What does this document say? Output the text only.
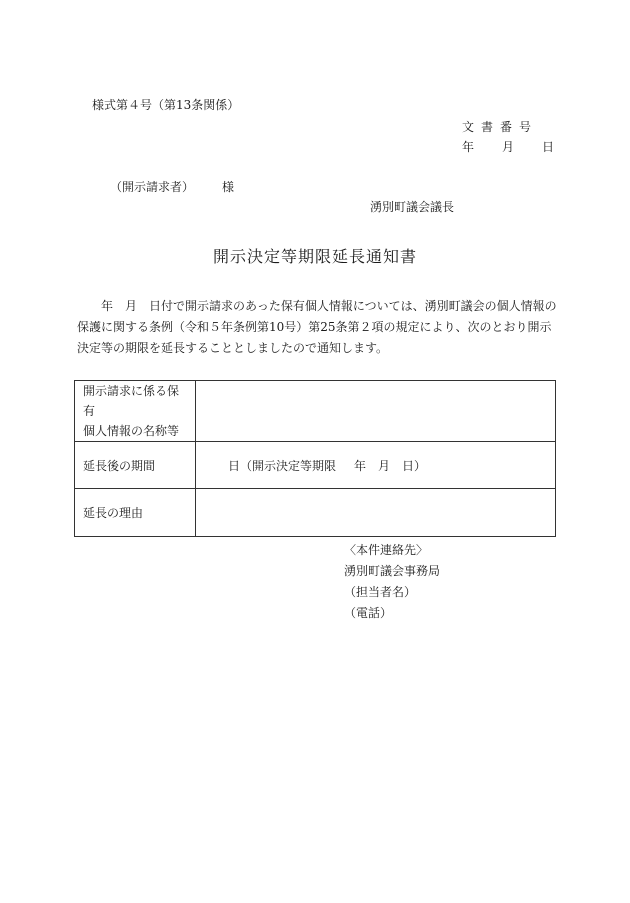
様式第４号（第13条関係）
文書番号
年 月 日
（開示請求者） 様
湧別町議会議長
開示決定等期限延長通知書

年　月　日付で開示請求のあった保有個人情報については、湧別町議会の個人情報の

保護に関する条例（令和５年条例第10号）第25条第２項の規定により、次のとおり開示

決定等の期限を延長することとしましたので通知します。

開示請求に係る保有
個人情報の名称等	

延長後の期間	日（開示決定等期限 年　月　日）
延長の理由	
〈本件連絡先〉
湧別町議会事務局
（担当者名）
（電話）
